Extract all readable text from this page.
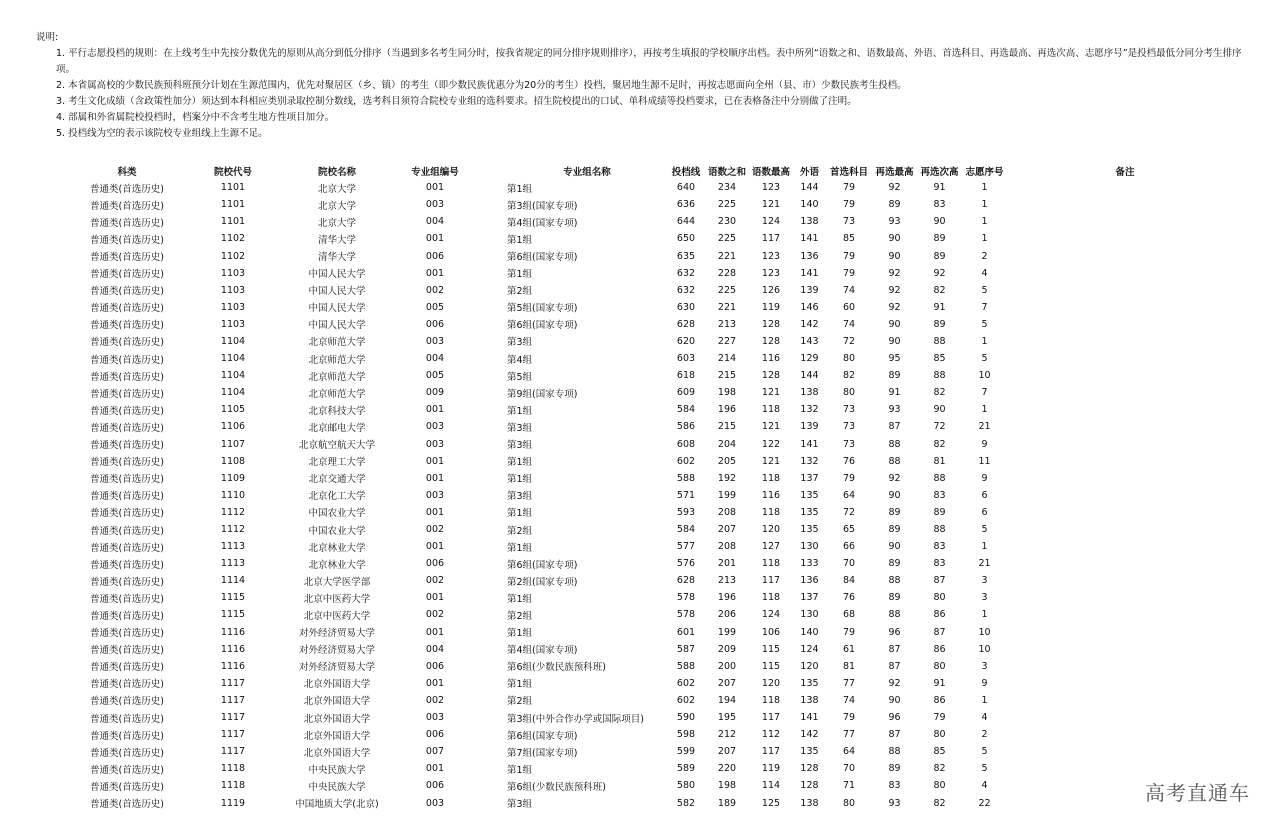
说明:
1. 平行志愿投档的规则：在上线考生中先按分数优先的原则从高分到低分排序（当遇到多名考生同分时，按我省规定的同分排序规则排序），再按考生填报的学校顺序出档。表中所列“语数之和、语数最高、外语、首选科目、再选最高、再选次高、志愿序号”是投档最低分同分考生排序项。
2. 本省属高校的少数民族预科班预分计划在生源范围内，优先对聚居区（乡、镇）的考生（即少数民族优惠分为20分的考生）投档，聚居地生源不足时，再按志愿面向全州（县、市）少数民族考生投档。
3. 考生文化成绩（含政策性加分）须达到本科相应类别录取控制分数线，选考科目须符合院校专业组的选科要求。招生院校提出的口试、单科成绩等投档要求，已在表格备注中分别做了注明。
4. 部属和外省属院校投档时，档案分中不含考生地方性项目加分。
5. 投档线为空的表示该院校专业组线上生源不足。
	科类	院校代号	院校名称	专业组编号		专业组名称	投档线	语数之和	语数最高	外语	首选科目	再选最高	再选次高	志愿序号	备注
	普通类(首选历史)	1101	北京大学	001		第1组	640	234	123	144	79	92	91	1	
	普通类(首选历史)	1101	北京大学	003		第3组(国家专项)	636	225	121	140	79	89	83	1	
	普通类(首选历史)	1101	北京大学	004		第4组(国家专项)	644	230	124	138	73	93	90	1	
	普通类(首选历史)	1102	清华大学	001		第1组	650	225	117	141	85	90	89	1	
	普通类(首选历史)	1102	清华大学	006		第6组(国家专项)	635	221	123	136	79	90	89	2	
	普通类(首选历史)	1103	中国人民大学	001		第1组	632	228	123	141	79	92	92	4	
	普通类(首选历史)	1103	中国人民大学	002		第2组	632	225	126	139	74	92	82	5	
	普通类(首选历史)	1103	中国人民大学	005		第5组(国家专项)	630	221	119	146	60	92	91	7	
	普通类(首选历史)	1103	中国人民大学	006		第6组(国家专项)	628	213	128	142	74	90	89	5	
	普通类(首选历史)	1104	北京师范大学	003		第3组	620	227	128	143	72	90	88	1	
	普通类(首选历史)	1104	北京师范大学	004		第4组	603	214	116	129	80	95	85	5	
	普通类(首选历史)	1104	北京师范大学	005		第5组	618	215	128	144	82	89	88	10	
	普通类(首选历史)	1104	北京师范大学	009		第9组(国家专项)	609	198	121	138	80	91	82	7	
	普通类(首选历史)	1105	北京科技大学	001		第1组	584	196	118	132	73	93	90	1	
	普通类(首选历史)	1106	北京邮电大学	003		第3组	586	215	121	139	73	87	72	21	
	普通类(首选历史)	1107	北京航空航天大学	003		第3组	608	204	122	141	73	88	82	9	
	普通类(首选历史)	1108	北京理工大学	001		第1组	602	205	121	132	76	88	81	11	
	普通类(首选历史)	1109	北京交通大学	001		第1组	588	192	118	137	79	92	88	9	
	普通类(首选历史)	1110	北京化工大学	003		第3组	571	199	116	135	64	90	83	6	
	普通类(首选历史)	1112	中国农业大学	001		第1组	593	208	118	135	72	89	89	6	
	普通类(首选历史)	1112	中国农业大学	002		第2组	584	207	120	135	65	89	88	5	
	普通类(首选历史)	1113	北京林业大学	001		第1组	577	208	127	130	66	90	83	1	
	普通类(首选历史)	1113	北京林业大学	006		第6组(国家专项)	576	201	118	133	70	89	83	21	
	普通类(首选历史)	1114	北京大学医学部	002		第2组(国家专项)	628	213	117	136	84	88	87	3	
	普通类(首选历史)	1115	北京中医药大学	001		第1组	578	196	118	137	76	89	80	3	
	普通类(首选历史)	1115	北京中医药大学	002		第2组	578	206	124	130	68	88	86	1	
	普通类(首选历史)	1116	对外经济贸易大学	001		第1组	601	199	106	140	79	96	87	10	
	普通类(首选历史)	1116	对外经济贸易大学	004		第4组(国家专项)	587	209	115	124	61	87	86	10	
	普通类(首选历史)	1116	对外经济贸易大学	006		第6组(少数民族预科班)	588	200	115	120	81	87	80	3	
	普通类(首选历史)	1117	北京外国语大学	001		第1组	602	207	120	135	77	92	91	9	
	普通类(首选历史)	1117	北京外国语大学	002		第2组	602	194	118	138	74	90	86	1	
	普通类(首选历史)	1117	北京外国语大学	003		第3组(中外合作办学或国际项目)	590	195	117	141	79	96	79	4	
	普通类(首选历史)	1117	北京外国语大学	006		第6组(国家专项)	598	212	112	142	77	87	80	2	
	普通类(首选历史)	1117	北京外国语大学	007		第7组(国家专项)	599	207	117	135	64	88	85	5	
	普通类(首选历史)	1118	中央民族大学	001		第1组	589	220	119	128	70	89	82	5	
	普通类(首选历史)	1118	中央民族大学	006		第6组(少数民族预科班)	580	198	114	128	71	83	80	4	
	普通类(首选历史)	1119	中国地质大学(北京)	003		第3组	582	189	125	138	80	93	82	22		高考直通车
